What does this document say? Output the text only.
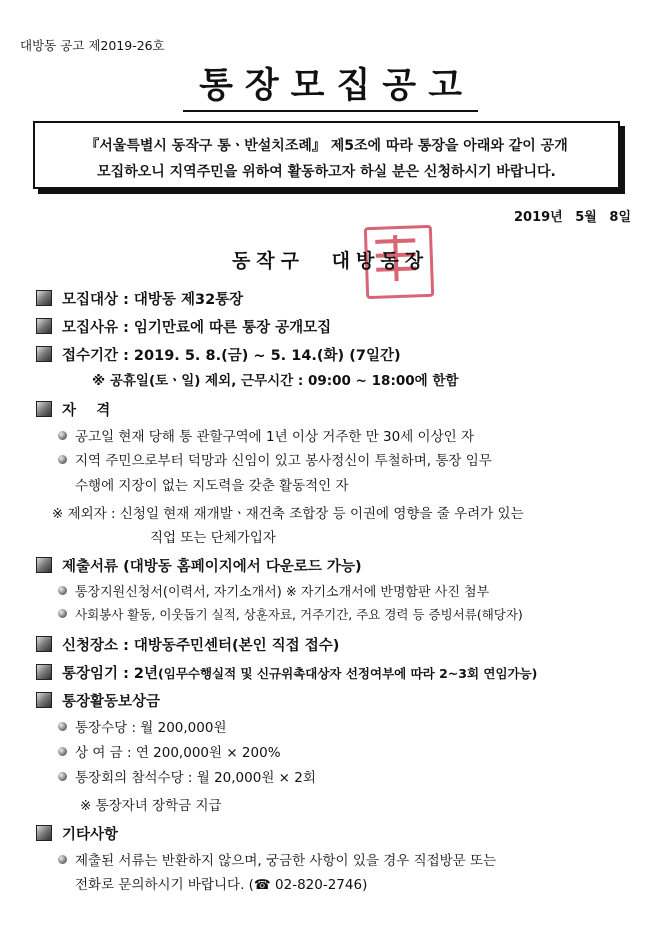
대방동 공고 제2019-26호
통장모집공고
『서울특별시 동작구 통ㆍ반설치조례』 제5조에 따라 통장을 아래와 같이 공개
모집하오니 지역주민을 위하여 활동하고자 하실 분은 신청하시기 바랍니다.
2019년 5월 8일
동작구 대방동장
모집대상 : 대방동 제32통장
모집사유 : 임기만료에 따른 통장 공개모집
접수기간 : 2019. 5. 8.(금) ~ 5. 14.(화) (7일간)
※ 공휴일(토ㆍ일) 제외, 근무시간 : 09:00 ~ 18:00에 한함
자    격
공고일 현재 당해 통 관할구역에 1년 이상 거주한 만 30세 이상인 자
지역 주민으로부터 덕망과 신임이 있고 봉사정신이 투철하며, 통장 임무
수행에 지장이 없는 지도력을 갖춘 활동적인 자
※ 제외자 : 신청일 현재 재개발ㆍ재건축 조합장 등 이권에 영향을 줄 우려가 있는
직업 또는 단체가입자
제출서류 (대방동 홈페이지에서 다운로드 가능)
통장지원신청서(이력서, 자기소개서) ※ 자기소개서에 반명함판 사진 첨부
사회봉사 활동, 이웃돕기 실적, 상훈자료, 거주기간, 주요 경력 등 증빙서류(해당자)
신청장소 : 대방동주민센터(본인 직접 접수)
통장임기 : 2년(임무수행실적 및 신규위촉대상자 선정여부에 따라 2~3회 연임가능)
통장활동보상금
통장수당 : 월 200,000원
상 여 금 : 연 200,000원 × 200%
통장회의 참석수당 : 월 20,000원 × 2회
※ 통장자녀 장학금 지급
기타사항
제출된 서류는 반환하지 않으며, 궁금한 사항이 있을 경우 직접방문 또는
전화로 문의하시기 바랍니다. (☎ 02-820-2746)
